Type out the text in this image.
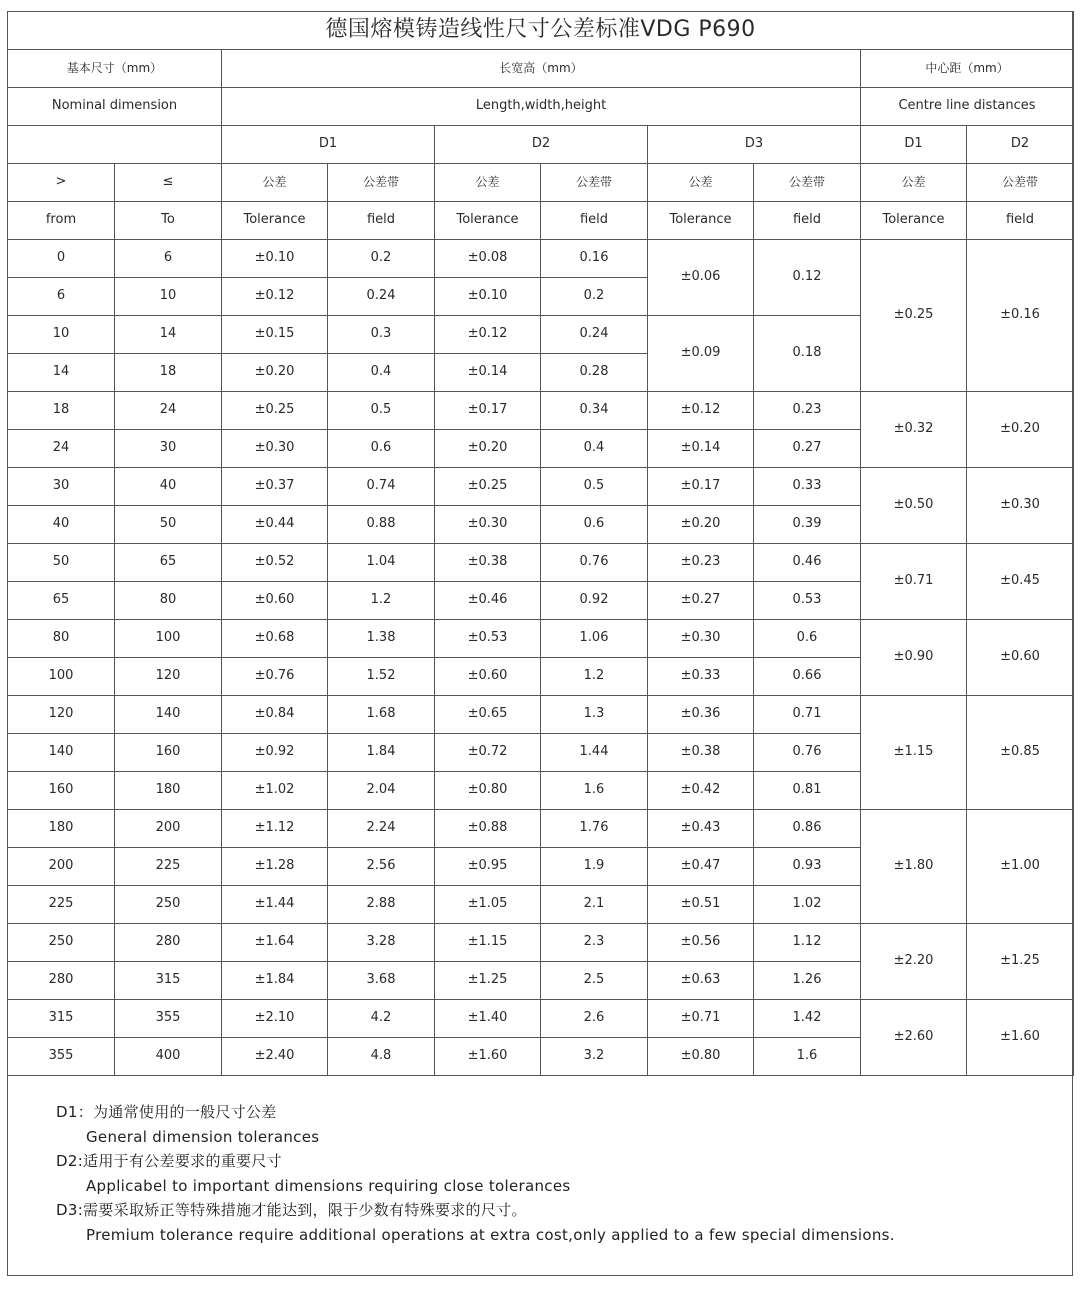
德国熔模铸造线性尺寸公差标准VDG P690									
基本尺寸（mm）		长宽高（mm）						中心距（mm）	
Nominal dimension		Length,width,height						Centre line distances	
		D1		D2		D3		D1	D2
>	≤	公差	公差带	公差	公差带	公差	公差带	公差	公差带
from	To	Tolerance	field	Tolerance	field	Tolerance	field	Tolerance	field
0	6	±0.10	0.2	±0.08	0.16	±0.06	0.12	±0.25	±0.16
6	10	±0.12	0.24	±0.10	0.2				
10	14	±0.15	0.3	±0.12	0.24	±0.09	0.18		
14	18	±0.20	0.4	±0.14	0.28				
18	24	±0.25	0.5	±0.17	0.34	±0.12	0.23	±0.32	±0.20
24	30	±0.30	0.6	±0.20	0.4	±0.14	0.27		
30	40	±0.37	0.74	±0.25	0.5	±0.17	0.33	±0.50	±0.30
40	50	±0.44	0.88	±0.30	0.6	±0.20	0.39		
50	65	±0.52	1.04	±0.38	0.76	±0.23	0.46	±0.71	±0.45
65	80	±0.60	1.2	±0.46	0.92	±0.27	0.53		
80	100	±0.68	1.38	±0.53	1.06	±0.30	0.6	±0.90	±0.60
100	120	±0.76	1.52	±0.60	1.2	±0.33	0.66		
120	140	±0.84	1.68	±0.65	1.3	±0.36	0.71	±1.15	±0.85
140	160	±0.92	1.84	±0.72	1.44	±0.38	0.76		
160	180	±1.02	2.04	±0.80	1.6	±0.42	0.81		
180	200	±1.12	2.24	±0.88	1.76	±0.43	0.86	±1.80	±1.00
200	225	±1.28	2.56	±0.95	1.9	±0.47	0.93		
225	250	±1.44	2.88	±1.05	2.1	±0.51	1.02		
250	280	±1.64	3.28	±1.15	2.3	±0.56	1.12	±2.20	±1.25
280	315	±1.84	3.68	±1.25	2.5	±0.63	1.26		
315	355	±2.10	4.2	±1.40	2.6	±0.71	1.42	±2.60	±1.60
355	400	±2.40	4.8	±1.60	3.2	±0.80	1.6		
D1：为通常使用的一般尺寸公差
General dimension tolerances
D2:适用于有公差要求的重要尺寸
Applicabel to important dimensions requiring close tolerances
D3:需要采取矫正等特殊措施才能达到，限于少数有特殊要求的尺寸。
Premium tolerance require additional operations at extra cost,only applied to a few special dimensions.
